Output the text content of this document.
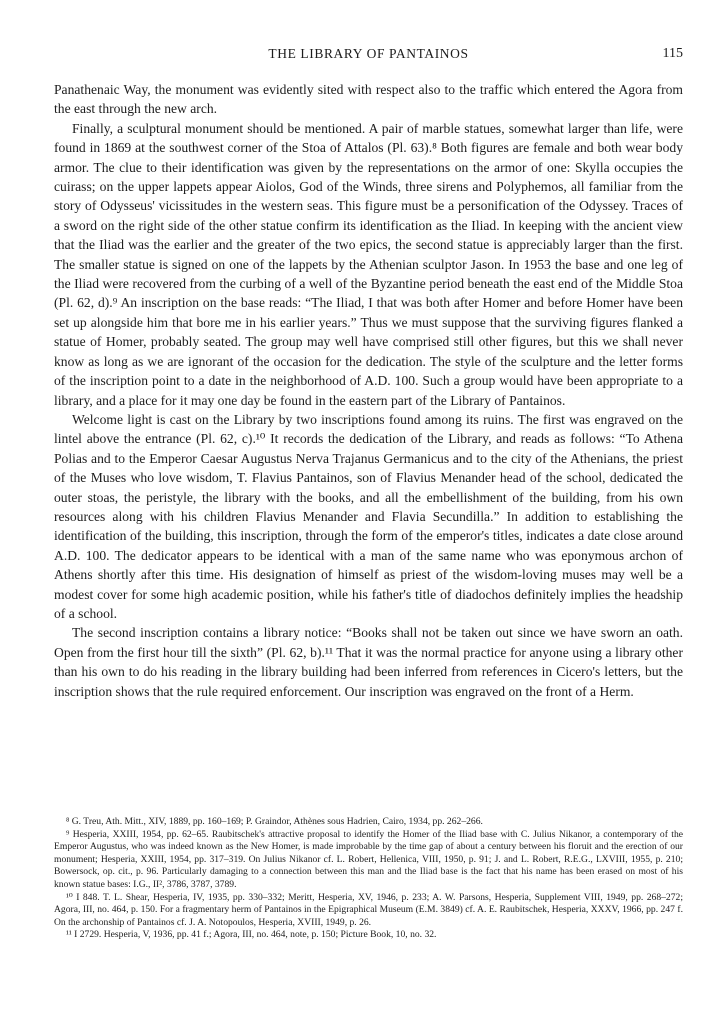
THE LIBRARY OF PANTAINOS	115

Panathenaic Way, the monument was evidently sited with respect also to the traffic which entered the Agora from the east through the new arch.

Finally, a sculptural monument should be mentioned. A pair of marble statues, somewhat larger than life, were found in 1869 at the southwest corner of the Stoa of Attalos (Pl. 63).⁸ Both figures are female and both wear body armor. The clue to their identification was given by the representations on the armor of one: Skylla occupies the cuirass; on the upper lappets appear Aiolos, God of the Winds, three sirens and Polyphemos, all familiar from the story of Odysseus' vicissitudes in the western seas. This figure must be a personification of the Odyssey. Traces of a sword on the right side of the other statue confirm its identification as the Iliad. In keeping with the ancient view that the Iliad was the earlier and the greater of the two epics, the second statue is appreciably larger than the first. The smaller statue is signed on one of the lappets by the Athenian sculptor Jason. In 1953 the base and one leg of the Iliad were recovered from the curbing of a well of the Byzantine period beneath the east end of the Middle Stoa (Pl. 62, d).⁹ An inscription on the base reads: “The Iliad, I that was both after Homer and before Homer have been set up alongside him that bore me in his earlier years.” Thus we must suppose that the surviving figures flanked a statue of Homer, probably seated. The group may well have comprised still other figures, but this we shall never know as long as we are ignorant of the occasion for the dedication. The style of the sculpture and the letter forms of the inscription point to a date in the neighborhood of A.D. 100. Such a group would have been appropriate to a library, and a place for it may one day be found in the eastern part of the Library of Pantainos.

Welcome light is cast on the Library by two inscriptions found among its ruins. The first was engraved on the lintel above the entrance (Pl. 62, c).¹⁰ It records the dedication of the Library, and reads as follows: “To Athena Polias and to the Emperor Caesar Augustus Nerva Trajanus Germanicus and to the city of the Athenians, the priest of the Muses who love wisdom, T. Flavius Pantainos, son of Flavius Menander head of the school, dedicated the outer stoas, the peristyle, the library with the books, and all the embellishment of the building, from his own resources along with his children Flavius Menander and Flavia Secundilla.” In addition to establishing the identification of the building, this inscription, through the form of the emperor's titles, indicates a date close around A.D. 100. The dedicator appears to be identical with a man of the same name who was eponymous archon of Athens shortly after this time. His designation of himself as priest of the wisdom-loving muses may well be a modest cover for some high academic position, while his father's title of diadochos definitely implies the headship of a school.

The second inscription contains a library notice: “Books shall not be taken out since we have sworn an oath. Open from the first hour till the sixth” (Pl. 62, b).¹¹ That it was the normal practice for anyone using a library other than his own to do his reading in the library building had been inferred from references in Cicero's letters, but the inscription shows that the rule required enforcement. Our inscription was engraved on the front of a Herm.

⁸ G. Treu, Ath. Mitt., XIV, 1889, pp. 160–169; P. Graindor, Athènes sous Hadrien, Cairo, 1934, pp. 262–266.

⁹ Hesperia, XXIII, 1954, pp. 62–65. Raubitschek's attractive proposal to identify the Homer of the Iliad base with C. Julius Nikanor, a contemporary of the Emperor Augustus, who was indeed known as the New Homer, is made improbable by the time gap of about a century between his floruit and the erection of our monument; Hesperia, XXIII, 1954, pp. 317–319. On Julius Nikanor cf. L. Robert, Hellenica, VIII, 1950, p. 91; J. and L. Robert, R.E.G., LXVIII, 1955, p. 210; Bowersock, op. cit., p. 96. Particularly damaging to a connection between this man and the Iliad base is the fact that his name has been erased on most of his known statue bases: I.G., II², 3786, 3787, 3789.

¹⁰ I 848. T. L. Shear, Hesperia, IV, 1935, pp. 330–332; Meritt, Hesperia, XV, 1946, p. 233; A. W. Parsons, Hesperia, Supplement VIII, 1949, pp. 268–272; Agora, III, no. 464, p. 150. For a fragmentary herm of Pantainos in the Epigraphical Museum (E.M. 3849) cf. A. E. Raubitschek, Hesperia, XXXV, 1966, pp. 247 f. On the archonship of Pantainos cf. J. A. Notopoulos, Hesperia, XVIII, 1949, p. 26.

¹¹ I 2729. Hesperia, V, 1936, pp. 41 f.; Agora, III, no. 464, note, p. 150; Picture Book, 10, no. 32.
